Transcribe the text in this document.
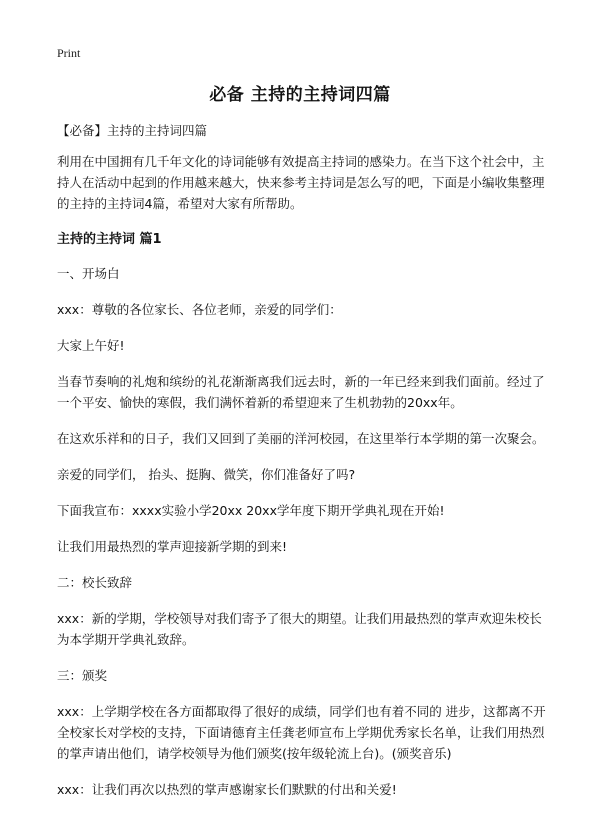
Print
必备 主持的主持词四篇

【必备】主持的主持词四篇

利用在中国拥有几千年文化的诗词能够有效提高主持词的感染力。在当下这个社会中，主持人在活动中起到的作用越来越大，快来参考主持词是怎么写的吧，下面是小编收集整理的主持的主持词4篇，希望对大家有所帮助。

主持的主持词 篇1

一、开场白

xxx：尊敬的各位家长、各位老师，亲爱的同学们：

大家上午好!

当春节奏响的礼炮和缤纷的礼花渐渐离我们远去时，新的一年已经来到我们面前。经过了一个平安、愉快的寒假，我们满怀着新的希望迎来了生机勃勃的20xx年。

在这欢乐祥和的日子，我们又回到了美丽的洋河校园，在这里举行本学期的第一次聚会。

亲爱的同学们， 抬头、挺胸、微笑，你们准备好了吗?

下面我宣布：xxxx实验小学20xx 20xx学年度下期开学典礼现在开始!

让我们用最热烈的掌声迎接新学期的到来!

二：校长致辞

xxx：新的学期，学校领导对我们寄予了很大的期望。让我们用最热烈的掌声欢迎朱校长为本学期开学典礼致辞。

三：颁奖

xxx：上学期学校在各方面都取得了很好的成绩，同学们也有着不同的 进步，这都离不开全校家长对学校的支持，下面请德育主任龚老师宣布上学期优秀家长名单，让我们用热烈的掌声请出他们，请学校领导为他们颁奖(按年级轮流上台)。(颁奖音乐)

xxx：让我们再次以热烈的掌声感谢家长们默默的付出和关爱!
